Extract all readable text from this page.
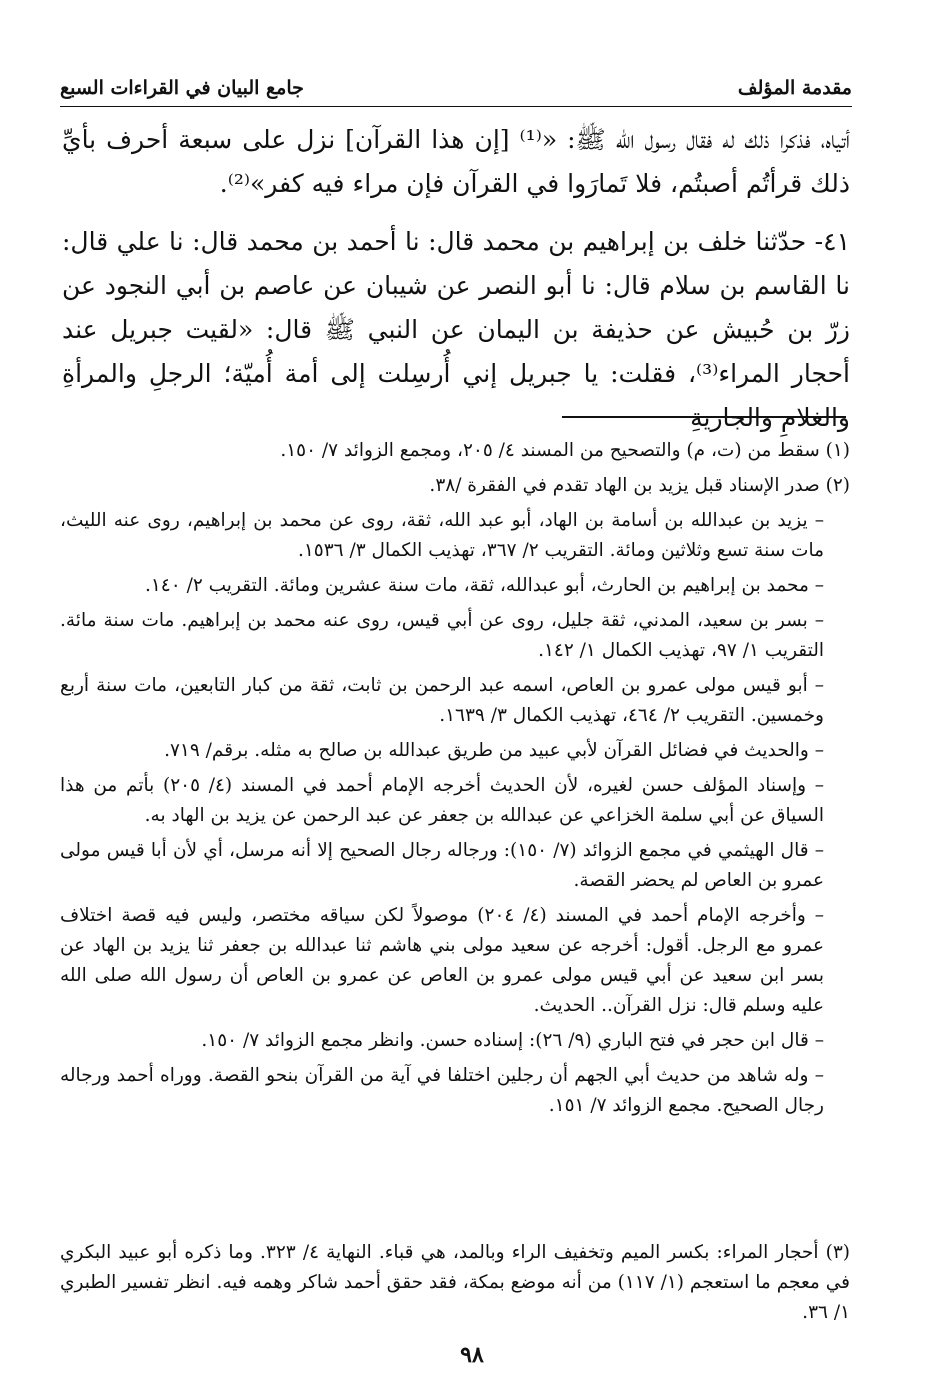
مقدمة المؤلف
جامع البيان في القراءات السبع

أتياه، فذكرا ذلك له فقال رسول الله ﷺ: «⁽¹⁾ [إن هذا القرآن] نزل على سبعة أحرف بأيِّ ذلك قرأتُم أصبتُم، فلا تَمارَوا في القرآن فإن مراء فيه كفر»⁽²⁾.

٤١- حدّثنا خلف بن إبراهيم بن محمد قال: نا أحمد بن محمد قال: نا علي قال: نا القاسم بن سلام قال: نا أبو النصر عن شيبان عن عاصم بن أبي النجود عن زرّ بن حُبيش عن حذيفة بن اليمان عن النبي ﷺ قال: «لقيت جبريل عند أحجار المراء⁽³⁾، فقلت: يا جبريل إني أُرسِلت إلى أمة أُميّة؛ الرجلِ والمرأةِ والغلامِ والجاريةِ

(١) سقط من (ت، م) والتصحيح من المسند ٤/ ٢٠٥، ومجمع الزوائد ٧/ ١٥٠.
(٢) صدر الإسناد قبل يزيد بن الهاد تقدم في الفقرة /٣٨.
– يزيد بن عبدالله بن أسامة بن الهاد، أبو عبد الله، ثقة، روى عن محمد بن إبراهيم، روى عنه الليث، مات سنة تسع وثلاثين ومائة. التقريب ٢/ ٣٦٧، تهذيب الكمال ٣/ ١٥٣٦.
– محمد بن إبراهيم بن الحارث، أبو عبدالله، ثقة، مات سنة عشرين ومائة. التقريب ٢/ ١٤٠.
– بسر بن سعيد، المدني، ثقة جليل، روى عن أبي قيس، روى عنه محمد بن إبراهيم. مات سنة مائة. التقريب ١/ ٩٧، تهذيب الكمال ١/ ١٤٢.
– أبو قيس مولى عمرو بن العاص، اسمه عبد الرحمن بن ثابت، ثقة من كبار التابعين، مات سنة أربع وخمسين. التقريب ٢/ ٤٦٤، تهذيب الكمال ٣/ ١٦٣٩.
– والحديث في فضائل القرآن لأبي عبيد من طريق عبدالله بن صالح به مثله. برقم/ ٧١٩.
– وإسناد المؤلف حسن لغيره، لأن الحديث أخرجه الإمام أحمد في المسند (٤/ ٢٠٥) بأتم من هذا السياق عن أبي سلمة الخزاعي عن عبدالله بن جعفر عن عبد الرحمن عن يزيد بن الهاد به.
– قال الهيثمي في مجمع الزوائد (٧/ ١٥٠): ورجاله رجال الصحيح إلا أنه مرسل، أي لأن أبا قيس مولى عمرو بن العاص لم يحضر القصة.
– وأخرجه الإمام أحمد في المسند (٤/ ٢٠٤) موصولاً لكن سياقه مختصر، وليس فيه قصة اختلاف عمرو مع الرجل. أقول: أخرجه عن سعيد مولى بني هاشم ثنا عبدالله بن جعفر ثنا يزيد بن الهاد عن بسر ابن سعيد عن أبي قيس مولى عمرو بن العاص عن عمرو بن العاص أن رسول الله صلى الله عليه وسلم قال: نزل القرآن.. الحديث.
– قال ابن حجر في فتح الباري (٩/ ٢٦): إسناده حسن. وانظر مجمع الزوائد ٧/ ١٥٠.
– وله شاهد من حديث أبي الجهم أن رجلين اختلفا في آية من القرآن بنحو القصة. ووراه أحمد ورجاله رجال الصحيح. مجمع الزوائد ٧/ ١٥١.
(٣) أحجار المراء: بكسر الميم وتخفيف الراء وبالمد، هي قباء. النهاية ٤/ ٣٢٣. وما ذكره أبو عبيد البكري في معجم ما استعجم (١/ ١١٧) من أنه موضع بمكة، فقد حقق أحمد شاكر وهمه فيه. انظر تفسير الطبري ١/ ٣٦.
٩٨
